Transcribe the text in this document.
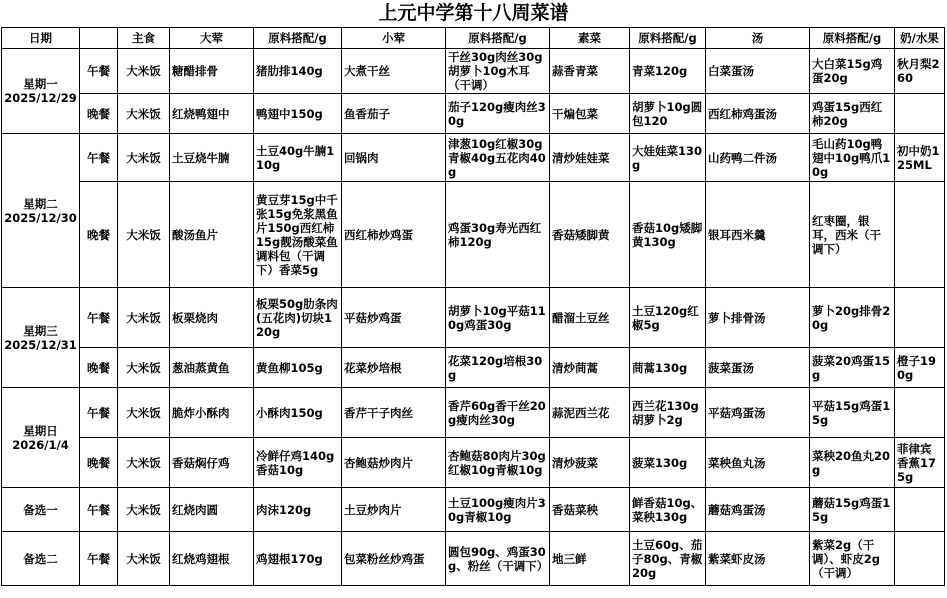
上元中学第十八周菜谱
日期		主食	大荤	原料搭配/g	小荤	原料搭配/g	素菜	原料搭配/g	汤	原料搭配/g	奶/水果

星期一
2025/12/29	午餐	大米饭	糖醋排骨	猪肋排140g	大煮干丝	干丝30g肉丝30g胡萝卜10g木耳（干调）	蒜香青菜	青菜120g	白菜蛋汤	大白菜15g鸡蛋20g	秋月梨260
	晚餐	大米饭	红烧鸭翅中	鸭翅中150g	鱼香茄子	茄子120g瘦肉丝30g	干煸包菜	胡萝卜10g圆包120	西红柿鸡蛋汤	鸡蛋15g西红柿20g	

星期二
2025/12/30	午餐	大米饭	土豆烧牛腩	土豆40g牛腩110g	回锅肉	津葱10g红椒30g青椒40g五花肉40g	清炒娃娃菜	大娃娃菜130g	山药鸭二件汤	毛山药10g鸭翅中10g鸭爪10g	初中奶125ML
	晚餐	大米饭	酸汤鱼片	黄豆芽15g中千张15g免浆黑鱼片150g西红柿15g靓汤酸菜鱼调料包（干调下）香菜5g	西红柿炒鸡蛋	鸡蛋30g寿光西红柿120g	香菇矮脚黄	香菇10g矮脚黄130g	银耳西米羹	红枣圈，银耳，西米（干调下）	

星期三
2025/12/31	午餐	大米饭	板栗烧肉	板栗50g肋条肉(五花肉)切块120g	平菇炒鸡蛋	胡萝卜10g平菇110g鸡蛋30g	醋溜土豆丝	土豆120g红椒5g	萝卜排骨汤	萝卜20g排骨20g	
	晚餐	大米饭	葱油蒸黄鱼	黄鱼柳105g	花菜炒培根	花菜120g培根30g	清炒茼蒿	茼蒿130g	菠菜蛋汤	菠菜20鸡蛋15g	橙子190g

星期日
2026/1/4	午餐	大米饭	脆炸小酥肉	小酥肉150g	香芹干子肉丝	香芹60g香干丝20g瘦肉丝30g	蒜泥西兰花	西兰花130g胡萝卜2g	平菇鸡蛋汤	平菇15g鸡蛋15g	
	晚餐	大米饭	香菇焖仔鸡	冷鲜仔鸡140g香菇10g	杏鲍菇炒肉片	杏鲍菇80肉片30g红椒10g青椒10g	清炒菠菜	菠菜130g	菜秧鱼丸汤	菜秧20鱼丸20g	菲律宾香蕉175g

备选一	午餐	大米饭	红烧肉圆	肉沫120g	土豆炒肉片	土豆100g瘦肉片30g青椒10g	香菇菜秧	鲜香菇10g、菜秧130g	蘑菇鸡蛋汤	蘑菇15g鸡蛋15g	

备选二	午餐	大米饭	红烧鸡翅根	鸡翅根170g	包菜粉丝炒鸡蛋	圆包90g、鸡蛋30g、粉丝（干调下）	地三鲜	土豆60g、茄子80g、青椒20g	紫菜虾皮汤	紫菜2g（干调）、虾皮2g（干调）	
